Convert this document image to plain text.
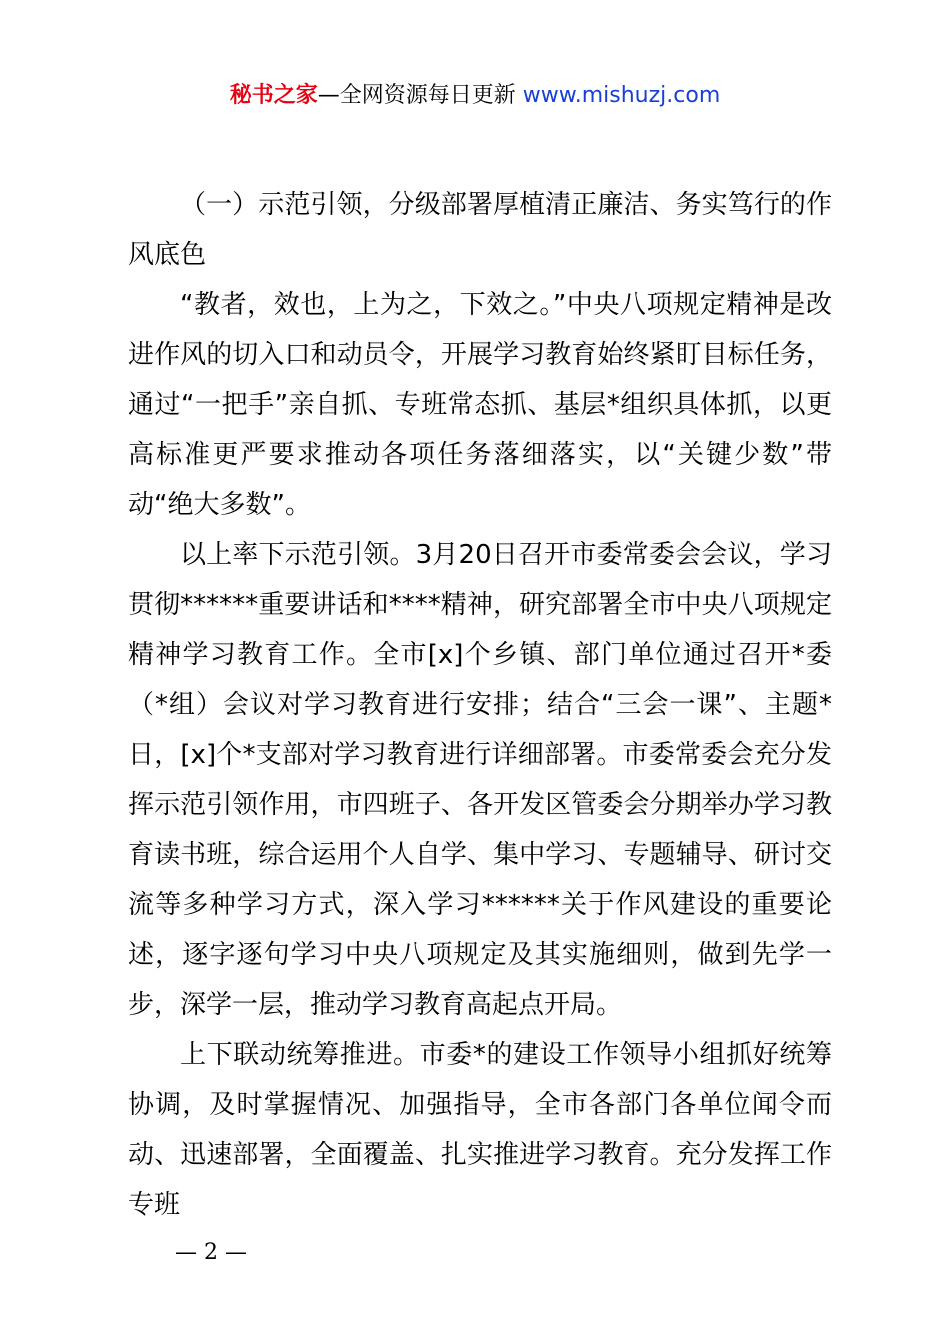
秘书之家—全网资源每日更新 www.mishuzj.com

（一）示范引领，分级部署厚植清正廉洁、务实笃行的作风底色

“教者，效也，上为之，下效之。”中央八项规定精神是改进作风的切入口和动员令，开展学习教育始终紧盯目标任务，通过“一把手”亲自抓、专班常态抓、基层*组织具体抓，以更高标准更严要求推动各项任务落细落实，以“关键少数”带动“绝大多数”。

以上率下示范引领。3月20日召开市委常委会会议，学习贯彻******重要讲话和****精神，研究部署全市中央八项规定精神学习教育工作。全市[x]个乡镇、部门单位通过召开*委（*组）会议对学习教育进行安排；结合“三会一课”、主题*日，[x]个*支部对学习教育进行详细部署。市委常委会充分发挥示范引领作用，市四班子、各开发区管委会分期举办学习教育读书班，综合运用个人自学、集中学习、专题辅导、研讨交流等多种学习方式，深入学习******关于作风建设的重要论述，逐字逐句学习中央八项规定及其实施细则，做到先学一步，深学一层，推动学习教育高起点开局。

上下联动统筹推进。市委*的建设工作领导小组抓好统筹协调，及时掌握情况、加强指导，全市各部门各单位闻令而动、迅速部署，全面覆盖、扎实推进学习教育。充分发挥工作专班

— 2 —
